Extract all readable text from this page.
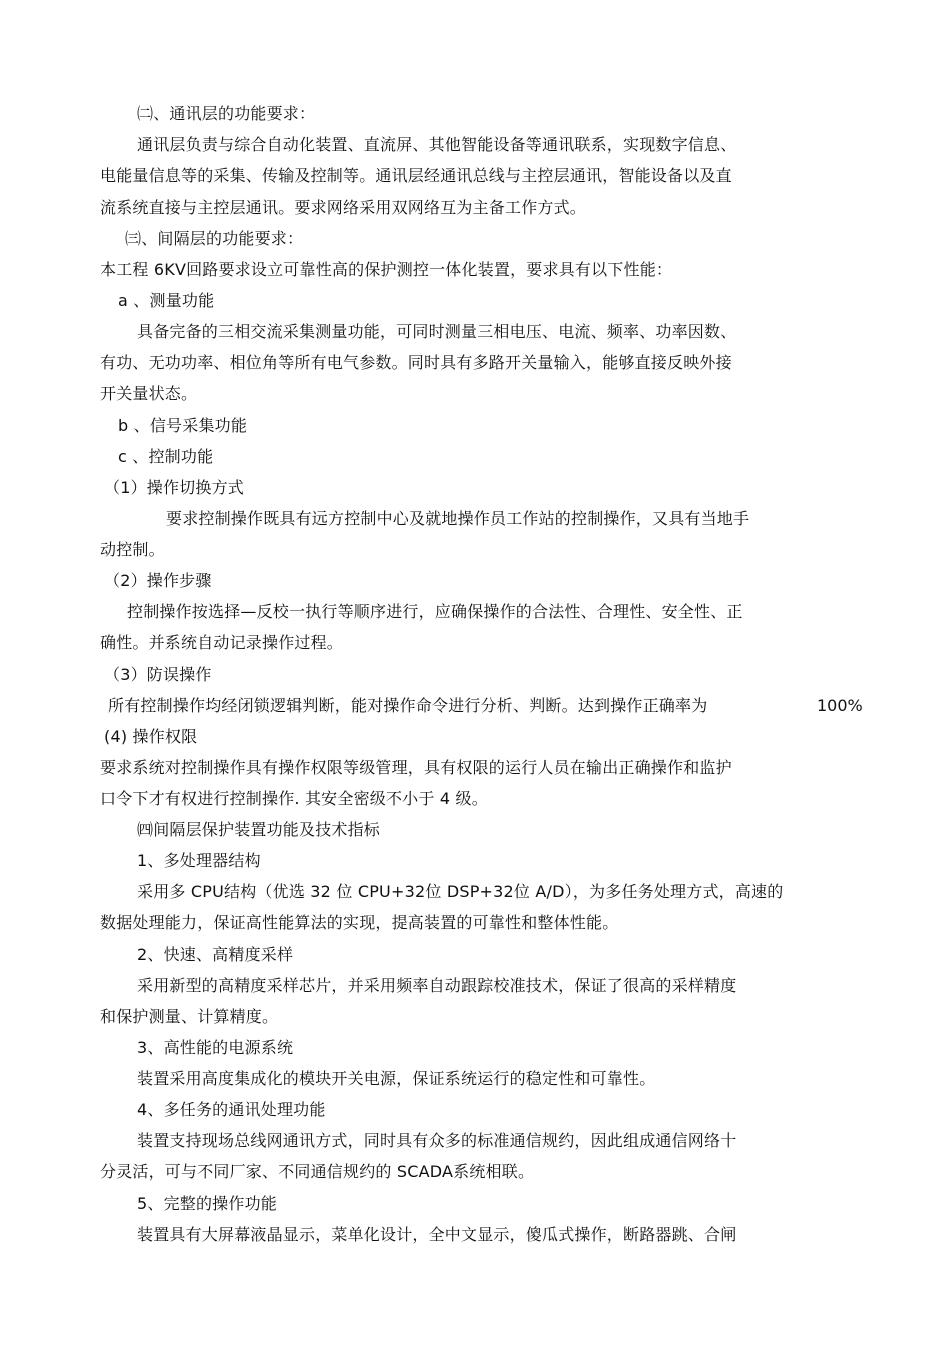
㈡、通讯层的功能要求：
通讯层负责与综合自动化装置、直流屏、其他智能设备等通讯联系，实现数字信息、
电能量信息等的采集、传输及控制等。通讯层经通讯总线与主控层通讯，智能设备以及直
流系统直接与主控层通讯。要求网络采用双网络互为主备工作方式。
㈢、间隔层的功能要求：
本工程 6KV回路要求设立可靠性高的保护测控一体化装置，要求具有以下性能：
a 、测量功能
具备完备的三相交流采集测量功能，可同时测量三相电压、电流、频率、功率因数、
有功、无功功率、相位角等所有电气参数。同时具有多路开关量输入，能够直接反映外接
开关量状态。
b 、信号采集功能
c 、控制功能
（1）操作切换方式
要求控制操作既具有远方控制中心及就地操作员工作站的控制操作，又具有当地手
动控制。
（2）操作步骤
控制操作按选择—反校一执行等顺序进行，应确保操作的合法性、合理性、安全性、正
确性。并系统自动记录操作过程。
（3）防误操作
所有控制操作均经闭锁逻辑判断，能对操作命令进行分析、判断。达到操作正确率为	100%
(4) 操作权限
要求系统对控制操作具有操作权限等级管理，具有权限的运行人员在输出正确操作和监护
口令下才有权进行控制操作. 其安全密级不小于 4 级。
㈣间隔层保护装置功能及技术指标
1、多处理器结构
采用多 CPU结构（优选 32 位 CPU+32位 DSP+32位 A/D），为多任务处理方式，高速的
数据处理能力，保证高性能算法的实现，提高装置的可靠性和整体性能。
2、快速、高精度采样
采用新型的高精度采样芯片，并采用频率自动跟踪校准技术，保证了很高的采样精度
和保护测量、计算精度。
3、高性能的电源系统
装置采用高度集成化的模块开关电源，保证系统运行的稳定性和可靠性。
4、多任务的通讯处理功能
装置支持现场总线网通讯方式，同时具有众多的标准通信规约，因此组成通信网络十
分灵活，可与不同厂家、不同通信规约的 SCADA系统相联。
5、完整的操作功能
装置具有大屏幕液晶显示，菜单化设计，全中文显示，傻瓜式操作，断路器跳、合闸
